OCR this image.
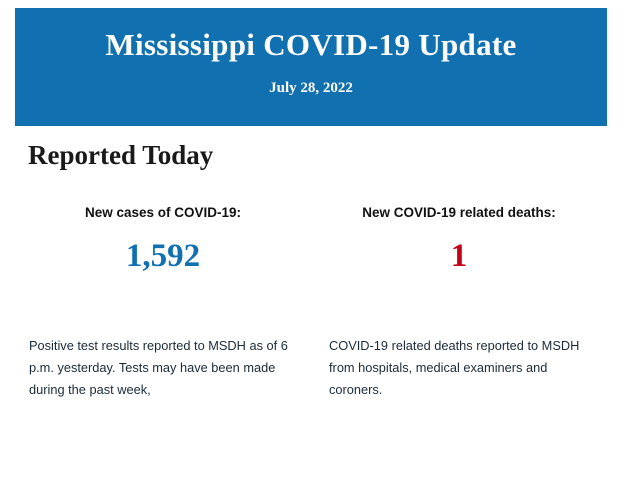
Mississippi COVID-19 Update
July 28, 2022
Reported Today
New cases of COVID-19:
1,592
New COVID-19 related deaths:
1
Positive test results reported to MSDH as of 6 p.m. yesterday. Tests may have been made during the past week,
COVID-19 related deaths reported to MSDH from hospitals, medical examiners and coroners.
